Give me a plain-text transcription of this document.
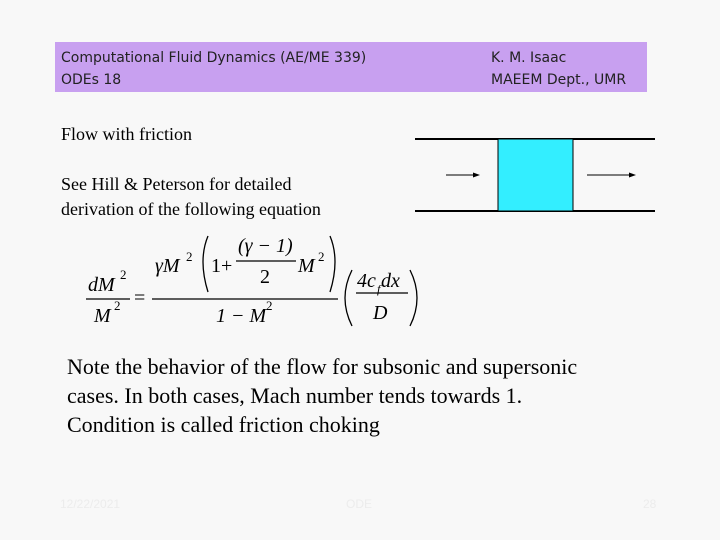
Computational Fluid Dynamics (AE/ME 339)
ODEs 18
K. M. Isaac
MAEEM Dept., UMR
Flow with friction
See Hill & Peterson for detailed
derivation of the following equation
dM 2
M 2 =
γM 2 1+
(γ − 1)
2 M 2
1 − M 2
4c f dx
D
Note the behavior of the flow for subsonic and supersonic
cases. In both cases, Mach number tends towards 1.
Condition is called friction choking
12/22/2021	ODE	28
